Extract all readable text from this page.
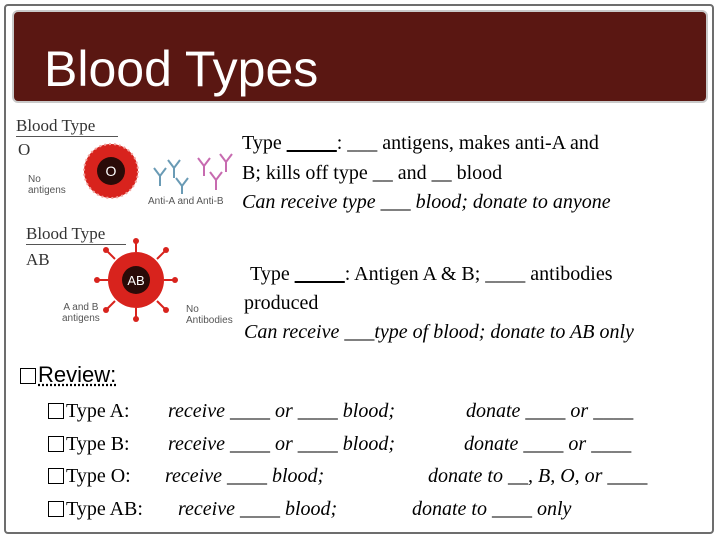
Blood Types
Blood Type
O
No
antigens
O
Anti-A and Anti-B
Blood Type
AB
A and B
antigens
AB
No
Antibodies
Type _____: ___ antigens, makes anti-A and
B; kills off type __ and __ blood
Can receive type ___ blood; donate to anyone
Type _____: Antigen A & B; ____ antibodies
produced
Can receive ___type of blood; donate to AB only
Review:
Type A: receive ____ or ____ blood;	donate ____ or ____
Type B: receive ____ or ____ blood;	donate ____ or ____
Type O: receive ____ blood;	donate to __, B, O, or ____
Type AB: receive ____ blood;	donate to ____ only
